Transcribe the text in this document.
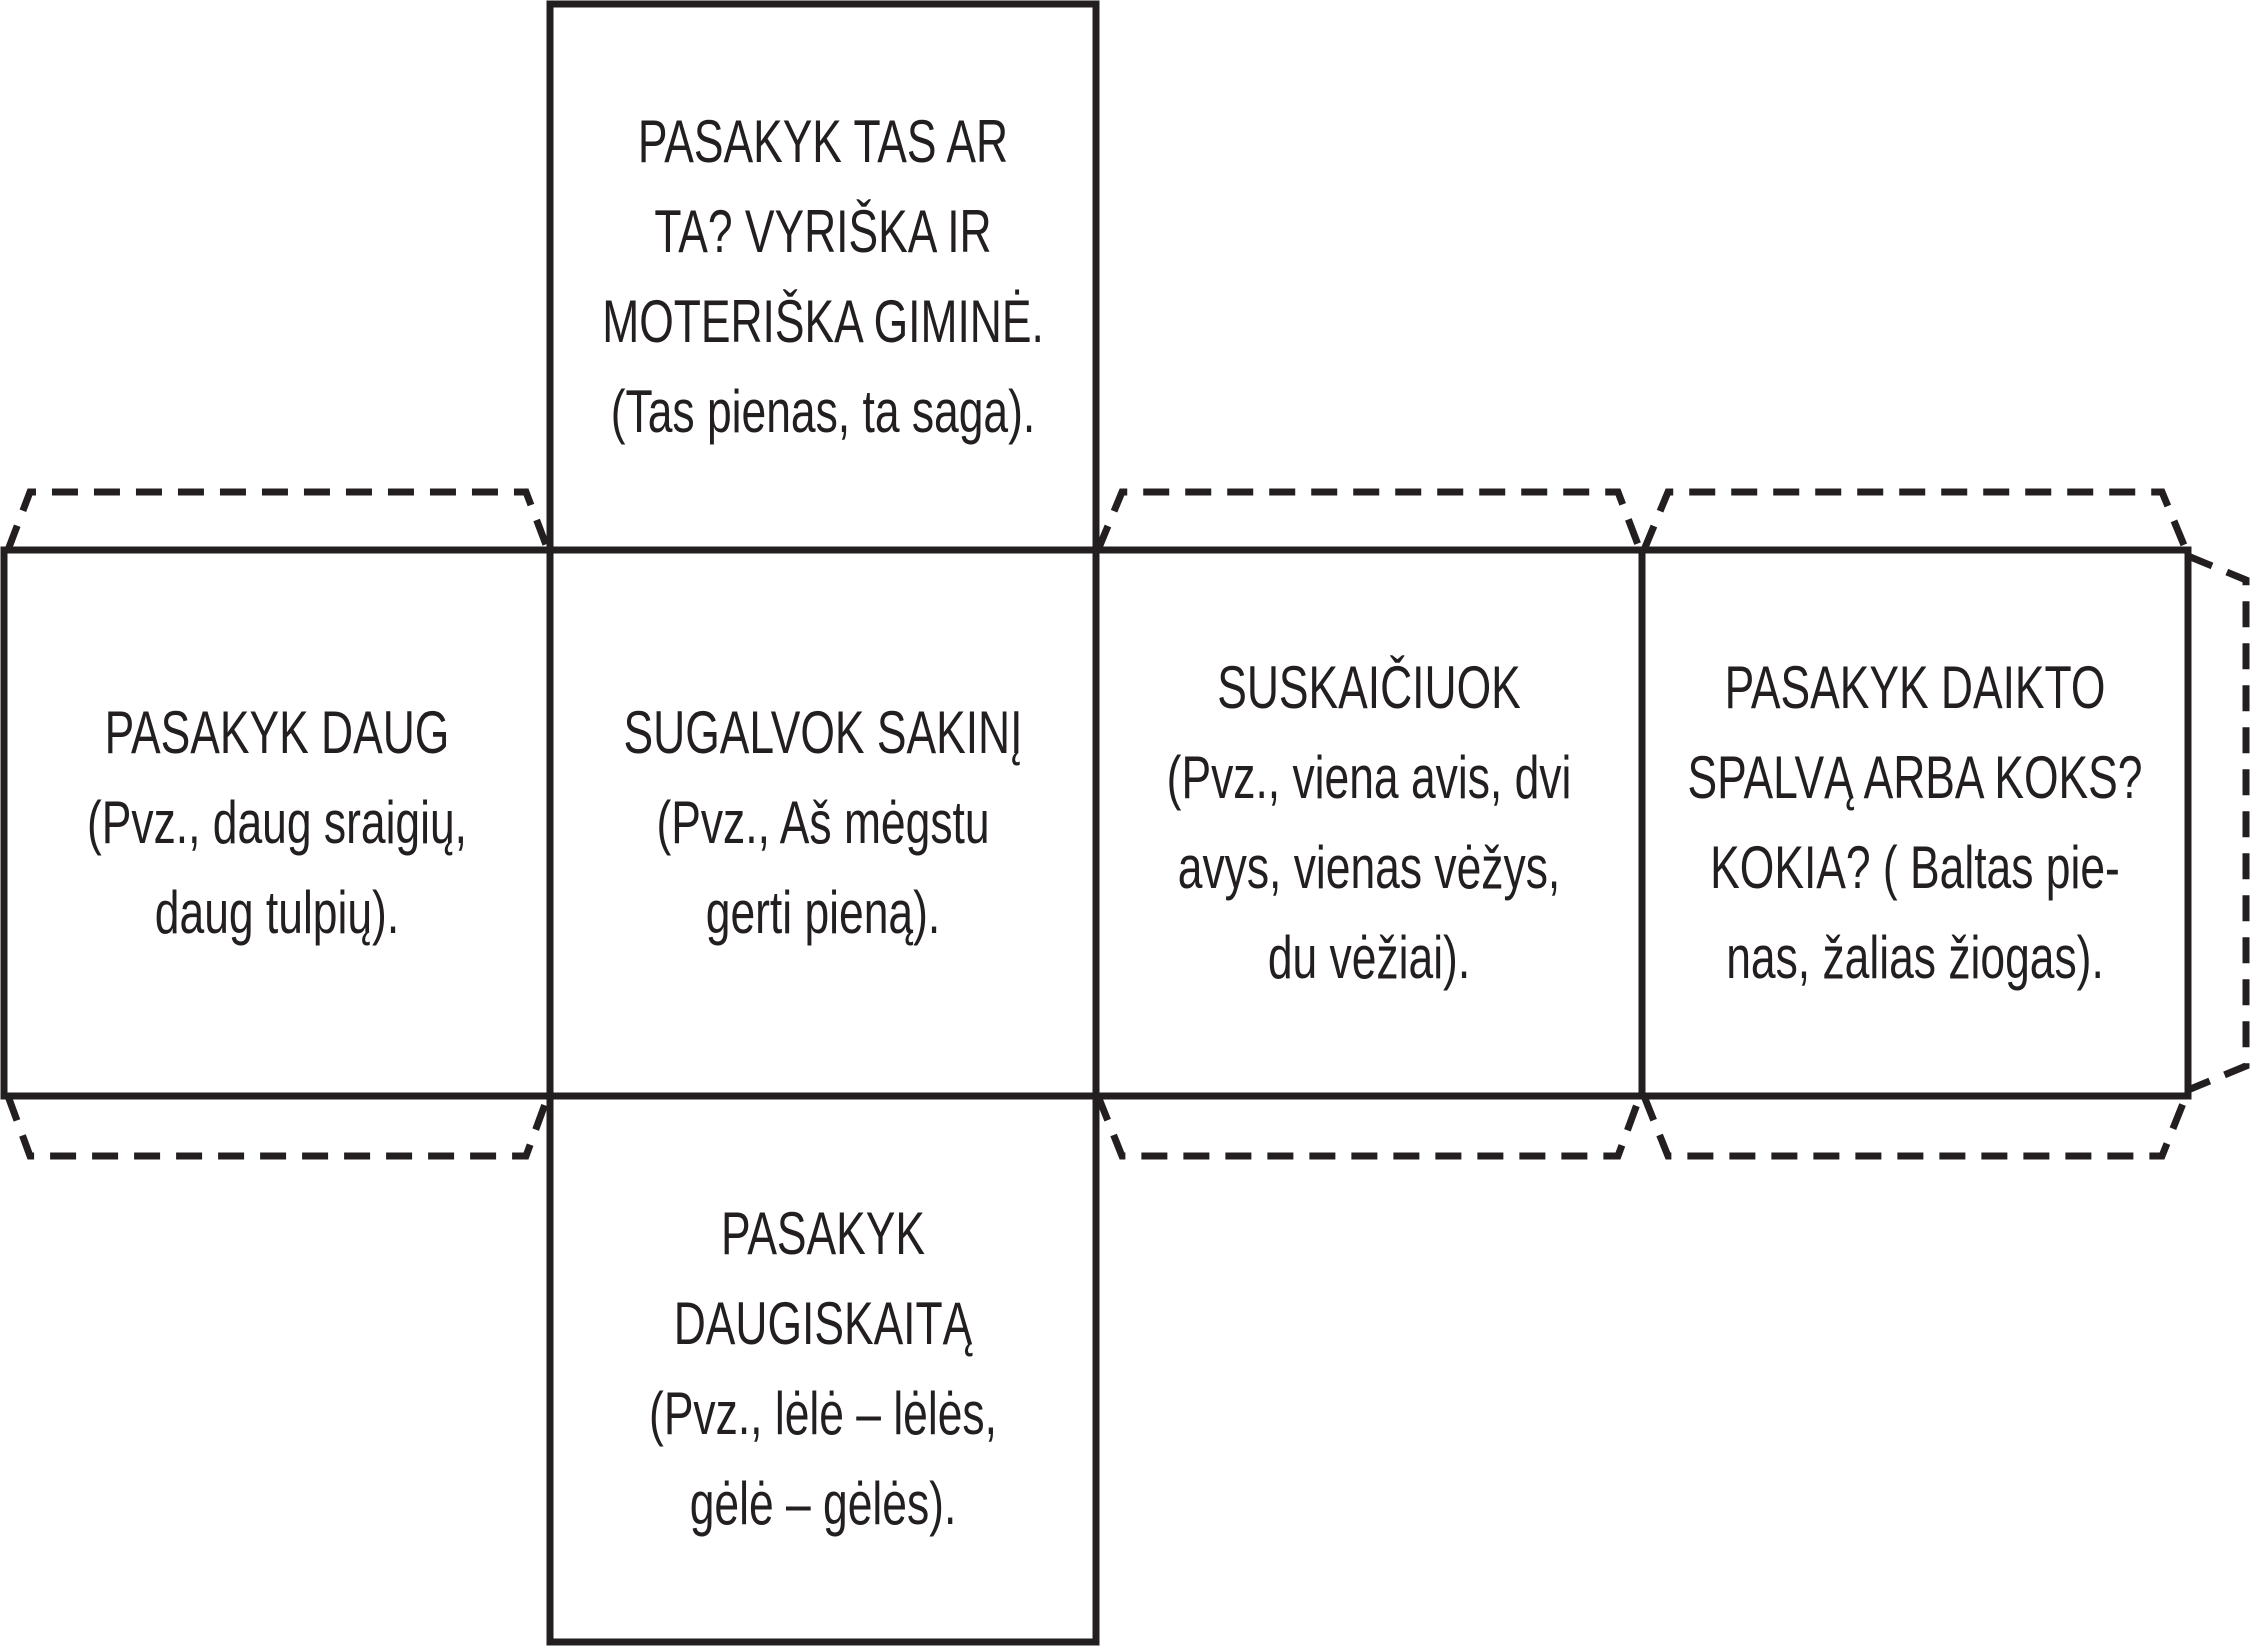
PASAKYK TAS AR
TA? VYRIŠKA IR
MOTERIŠKA GIMINĖ.
(Tas pienas, ta saga).
PASAKYK DAUG
(Pvz., daug sraigių,
daug tulpių).
SUGALVOK SAKINĮ
(Pvz., Aš mėgstu
gerti pieną).
SUSKAIČIUOK
(Pvz., viena avis, dvi
avys, vienas vėžys,
du vėžiai).
PASAKYK DAIKTO
SPALVĄ ARBA KOKS?
KOKIA? ( Baltas pie-
nas, žalias žiogas).
PASAKYK
DAUGISKAITĄ
(Pvz., lėlė – lėlės,
gėlė – gėlės).
